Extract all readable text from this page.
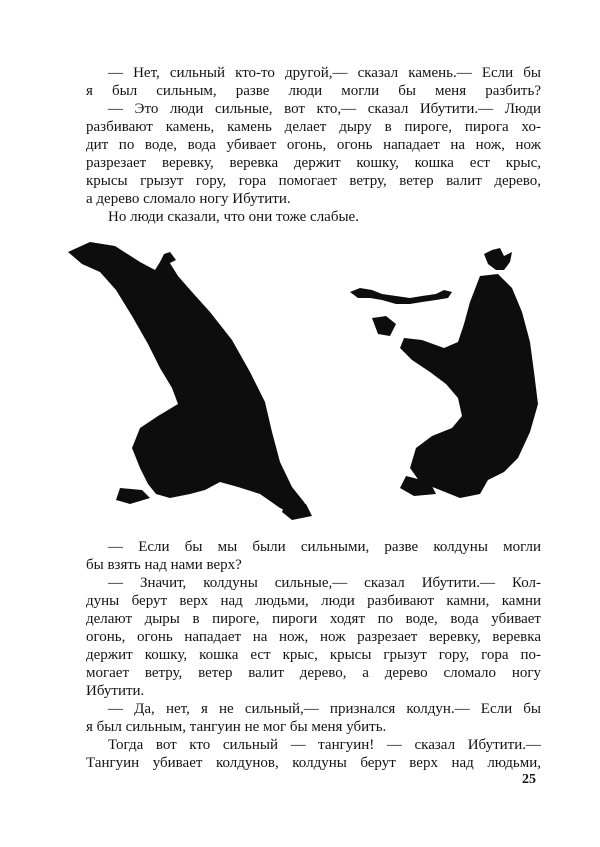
— Нет, сильный кто-то другой,— сказал камень.— Если бы
я был сильным, разве люди могли бы меня разбить?
— Это люди сильные, вот кто,— сказал Ибутити.— Люди
разбивают камень, камень делает дыру в пироге, пирога хо-
дит по воде, вода убивает огонь, огонь нападает на нож, нож
разрезает веревку, веревка держит кошку, кошка ест крыс,
крысы грызут гору, гора помогает ветру, ветер валит дерево,
а дерево сломало ногу Ибутити.
Но люди сказали, что они тоже слабые.
— Если бы мы были сильными, разве колдуны могли
бы взять над нами верх?
— Значит, колдуны сильные,— сказал Ибутити.— Кол-
дуны берут верх над людьми, люди разбивают камни, камни
делают дыры в пироге, пироги ходят по воде, вода убивает
огонь, огонь нападает на нож, нож разрезает веревку, веревка
держит кошку, кошка ест крыс, крысы грызут гору, гора по-
могает ветру, ветер валит дерево, а дерево сломало ногу
Ибутити.
— Да, нет, я не сильный,— признался колдун.— Если бы
я был сильным, тангуин не мог бы меня убить.
Тогда вот кто сильный — тангуин! — сказал Ибутити.—
Тангуин убивает колдунов, колдуны берут верх над людьми,
25
